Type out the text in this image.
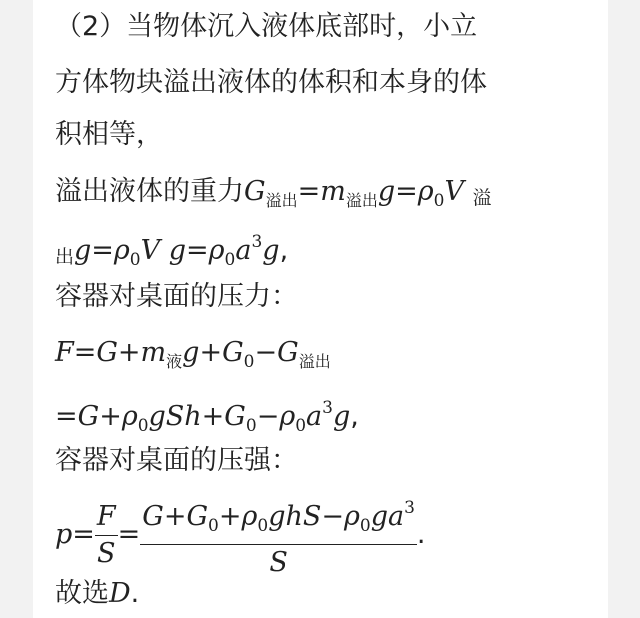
（2）当物体沉入液体底部时，小立
方体物块溢出液体的体积和本身的体
积相等，
溢出液体的重力$G_{溢出}=m_{溢出}g=\rho_0V$ $_溢$
$_出g=\rho_0V$ $g=\rho_0a^3g$,
容器对桌面的压力：
$F=G+m_液g+G_0-G_{溢出}$
$=G+\rho_0gSh+G_0-\rho_0a^3g$,
容器对桌面的压强：
$p= \frac{F}{S} = \frac{G+G_0+\rho_0ghS-\rho_0ga^3}{S}$ .
故选D.
